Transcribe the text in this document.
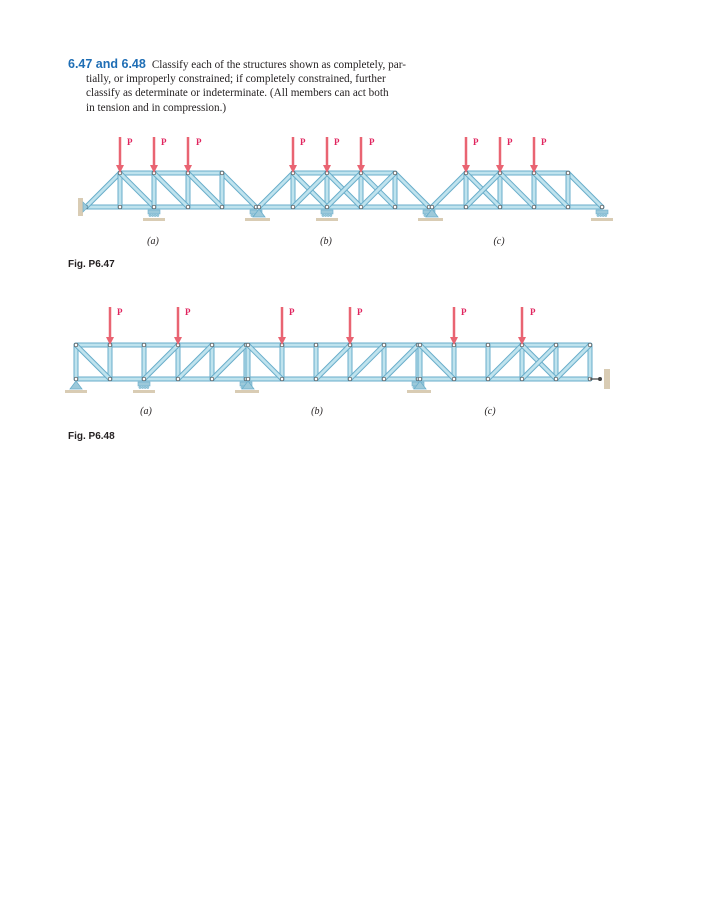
6.47 and 6.48 Classify each of the structures shown as completely, par-
tially, or improperly constrained; if completely constrained, further
classify as determinate or indeterminate. (All members can act both
in tension and in compression.)
Fig. P6.47
(a)	(b)	(c)
Fig. P6.48
(a)	(b)	(c)
P	P	P	P	P	P	P	P	P
P	P	P	P	P	P
